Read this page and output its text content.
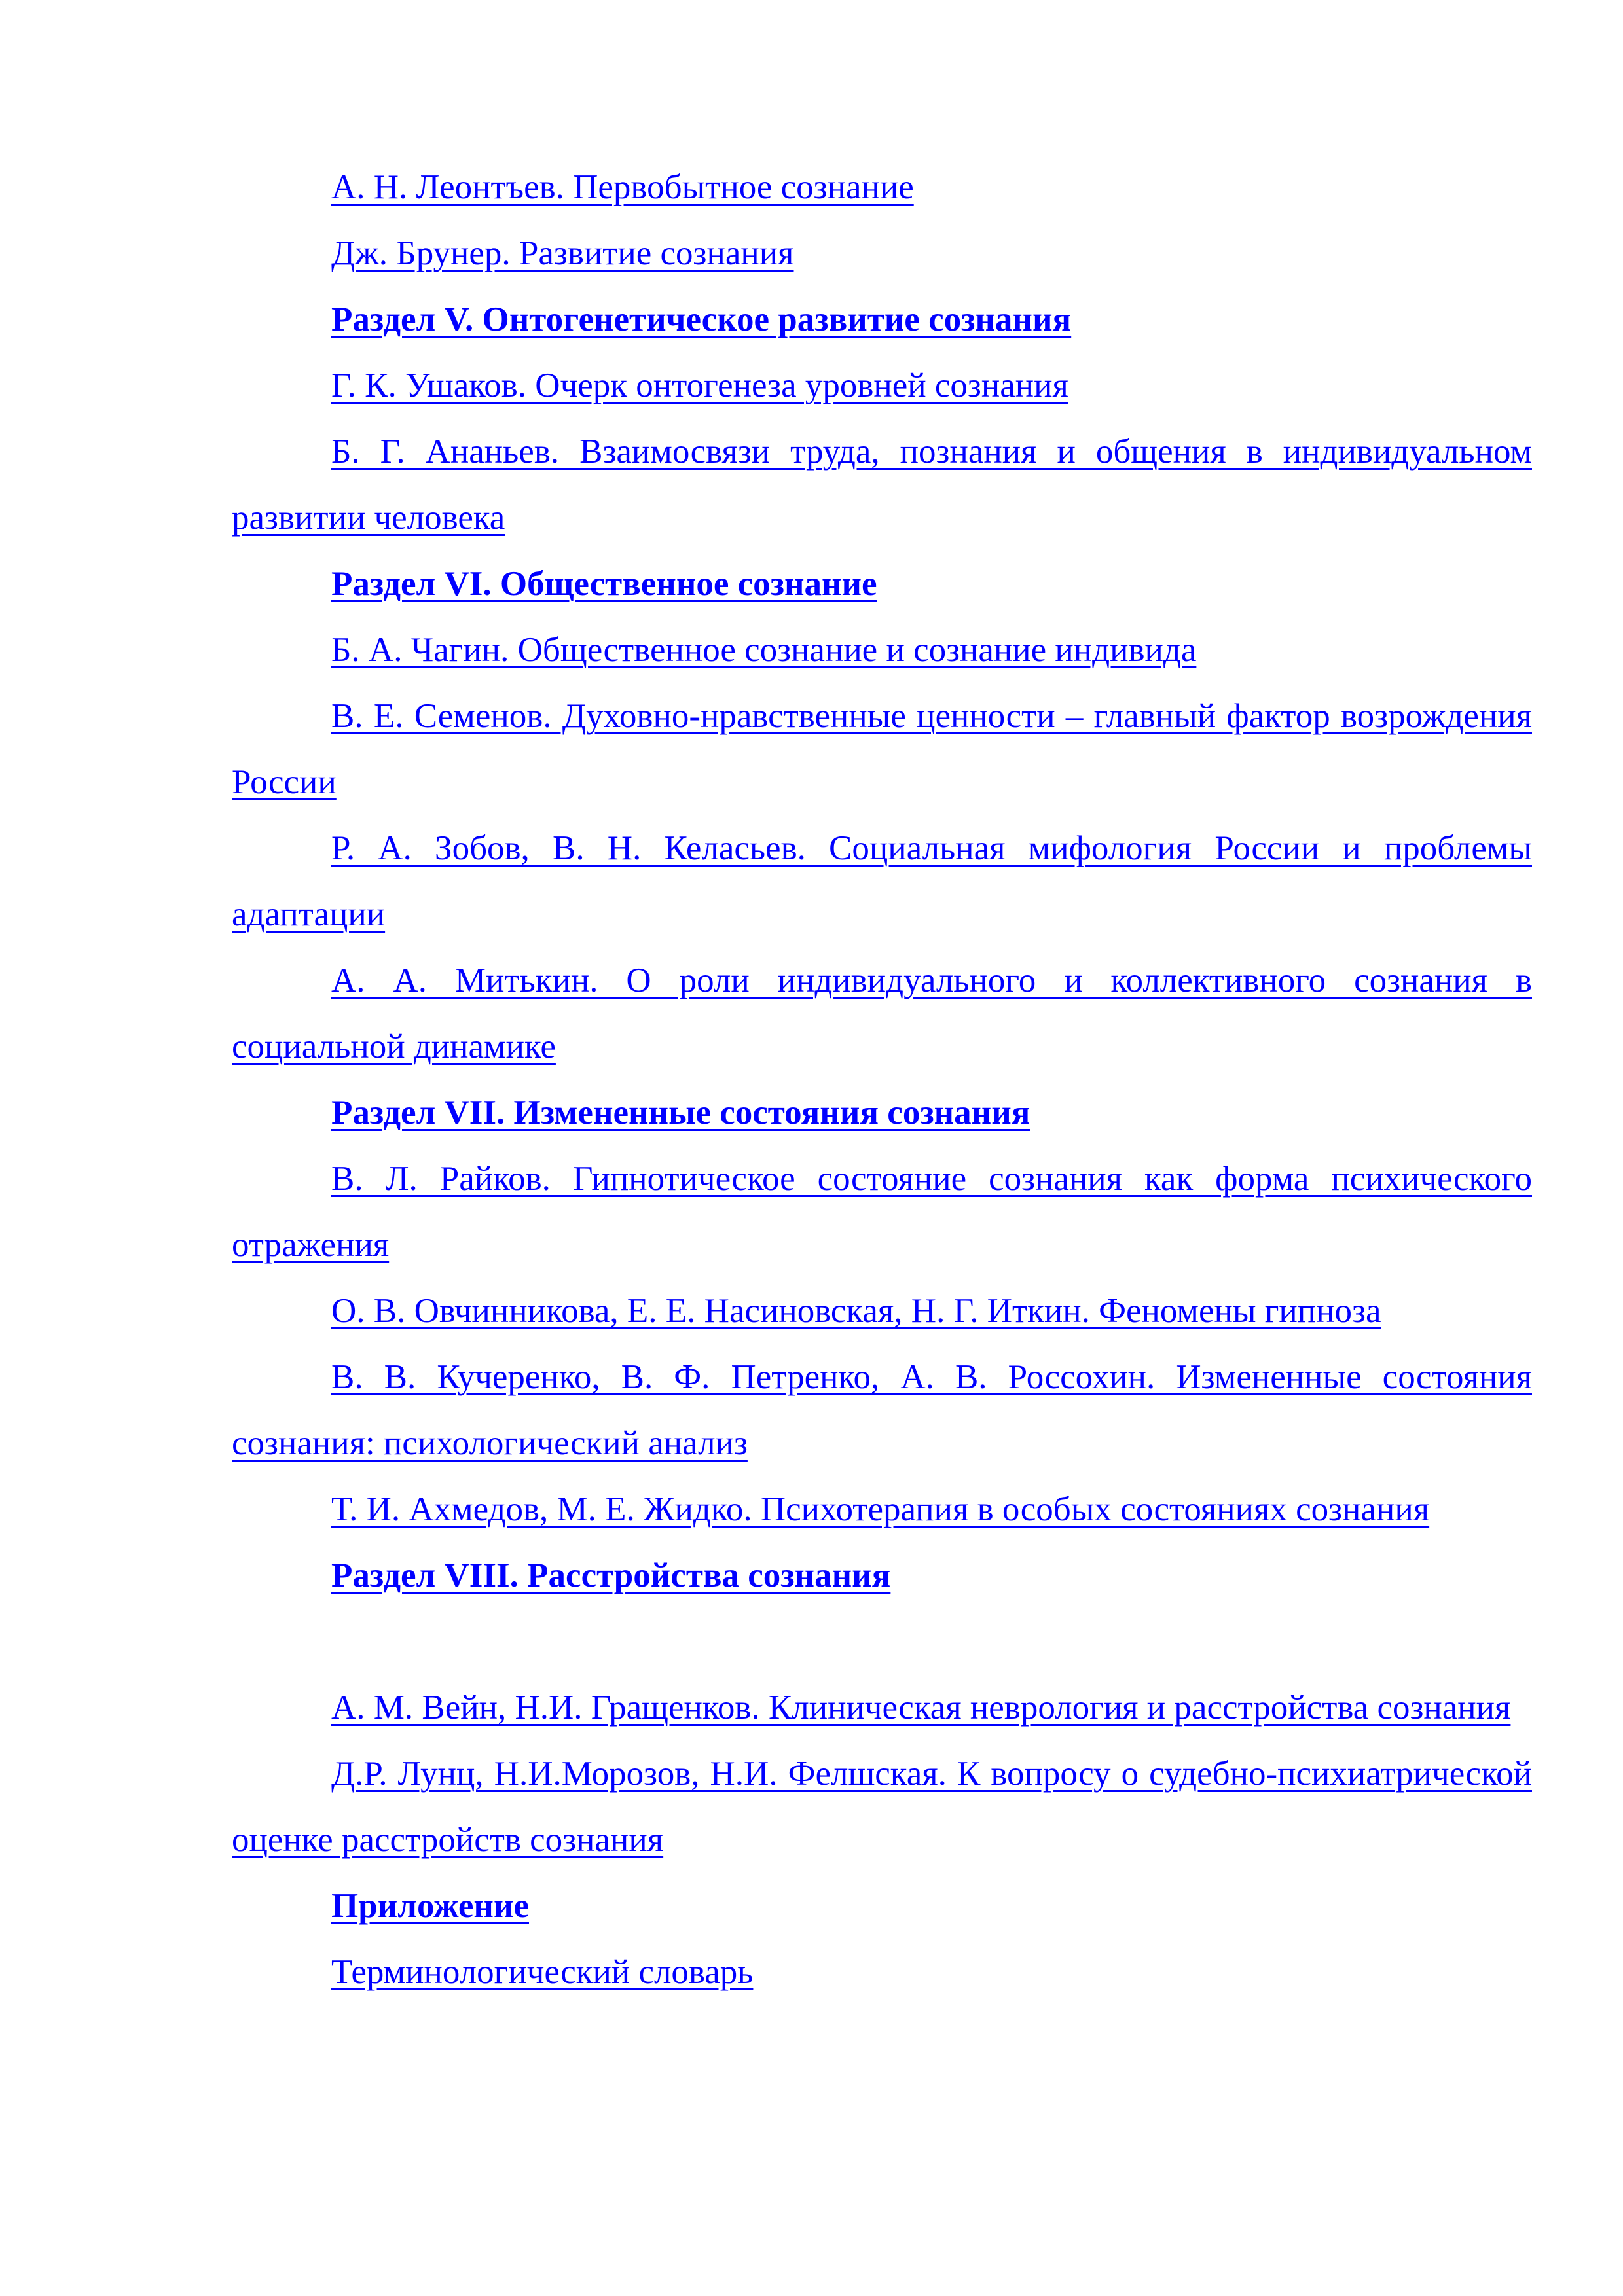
А. Н. Леонтъев. Первобытное сознание
Дж. Брунер. Развитие сознания
Раздел V. Онтогенетическое развитие сознания
Г. К. Ушаков. Очерк онтогенеза уровней сознания
Б. Г. Ананьев. Взаимосвязи труда, познания и общения в индивидуальном развитии человека
Раздел VI. Общественное сознание
Б. А. Чагин. Общественное сознание и сознание индивида
В. Е. Семенов. Духовно-нравственные ценности – главный фактор возрождения России
Р. А. Зобов, В. Н. Келасьев. Социальная мифология России и проблемы адаптации
А. А. Митькин. О роли индивидуального и коллективного сознания в социальной динамике
Раздел VII. Измененные состояния сознания
В. Л. Райков. Гипнотическое состояние сознания как форма психического отражения
О. В. Овчинникова, Е. Е. Насиновская, Н. Г. Иткин. Феномены гипноза
В. В. Кучеренко, В. Ф. Петренко, А. В. Россохин. Измененные состояния сознания: психологический анализ
Т. И. Ахмедов, М. Е. Жидко. Психотерапия в особых состояниях сознания
Раздел VIII. Расстройства сознания
А. М. Вейн, Н.И. Гращенков. Клиническая неврология и расстройства сознания
Д.Р. Лунц, Н.И.Морозов, Н.И. Фелшская. К вопросу о судебно-психиатрической оценке расстройств сознания
Приложение
Терминологический словарь
